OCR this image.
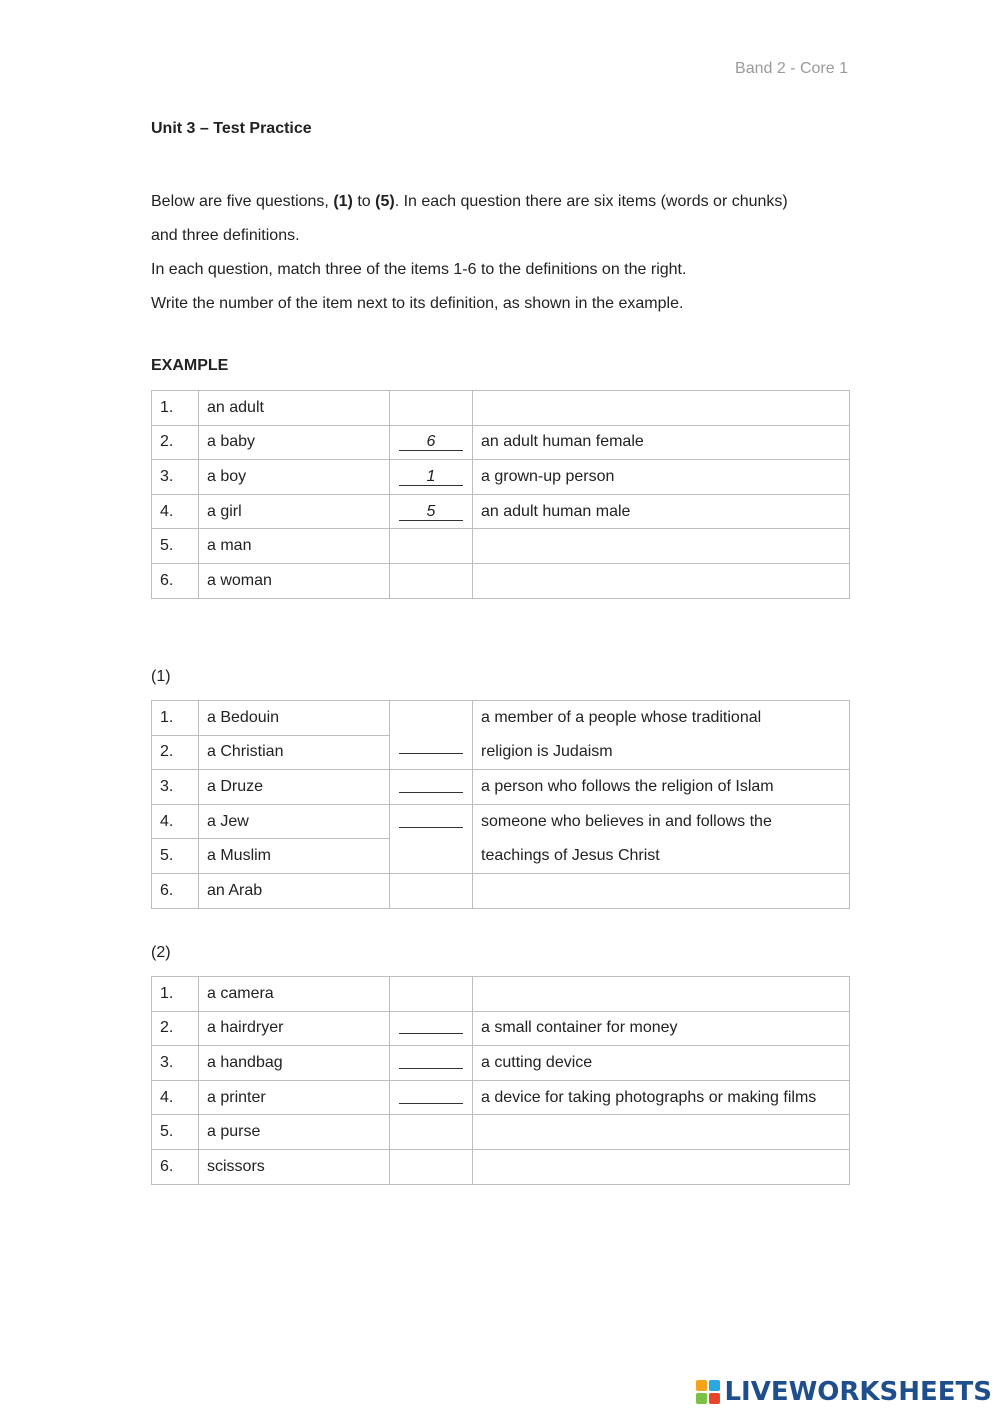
Band 2 - Core 1
Unit 3 – Test Practice

Below are five questions, (1) to (5). In each question there are six items (words or chunks)

and three definitions.

In each question, match three of the items 1-6 to the definitions on the right.

Write the number of the item next to its definition, as shown in the example.

EXAMPLE
1.	an adult		
2.	a baby	6	an adult human female
3.	a boy	1	a grown-up person
4.	a girl	5	an adult human male
5.	a man		
6.	a woman		
(1)
1.	a Bedouin		a member of a people whose traditional
religion is Judaism

2.	a Christian		
3.	a Druze		a person who follows the religion of Islam
4.	a Jew		someone who believes in and follows the
teachings of Jesus Christ

5.	a Muslim		
6.	an Arab		
(2)
1.	a camera		
2.	a hairdryer		a small container for money
3.	a handbag		a cutting device
4.	a printer		a device for taking photographs or making films
5.	a purse		
6.	scissors		
LIVEWORKSHEETS
